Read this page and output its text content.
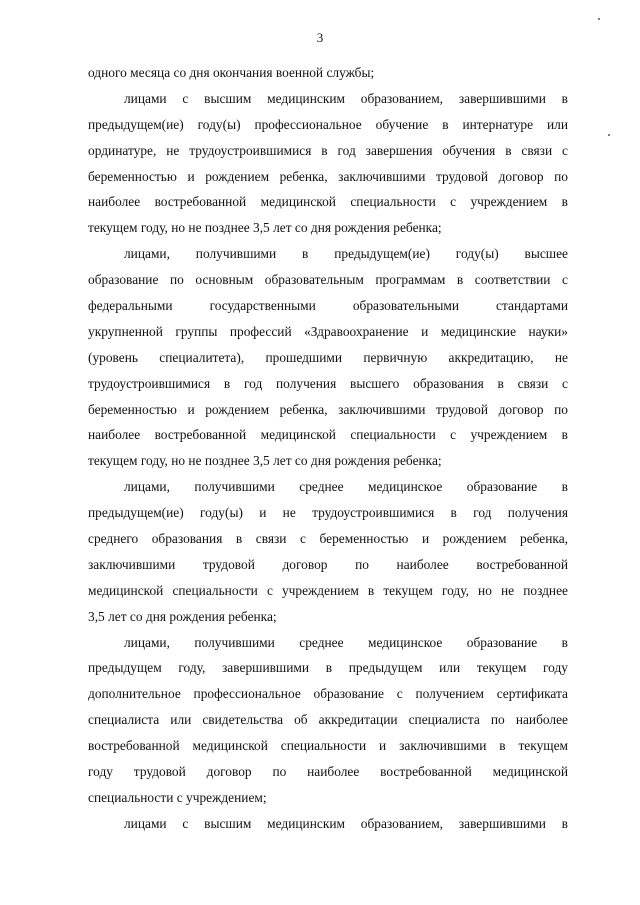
3
одного месяца со дня окончания военной службы;
лицами с высшим медицинским образованием, завершившими в
предыдущем(ие) году(ы) профессиональное обучение в интернатуре или
ординатуре, не трудоустроившимися в год завершения обучения в связи с
беременностью и рождением ребенка, заключившими трудовой договор по
наиболее востребованной медицинской специальности с учреждением в
текущем году, но не позднее 3,5 лет со дня рождения ребенка;
лицами, получившими в предыдущем(ие) году(ы) высшее
образование по основным образовательным программам в соответствии с
федеральными государственными образовательными стандартами
укрупненной группы профессий «Здравоохранение и медицинские науки»
(уровень специалитета), прошедшими первичную аккредитацию, не
трудоустроившимися в год получения высшего образования в связи с
беременностью и рождением ребенка, заключившими трудовой договор по
наиболее востребованной медицинской специальности с учреждением в
текущем году, но не позднее 3,5 лет со дня рождения ребенка;
лицами, получившими среднее медицинское образование в
предыдущем(ие) году(ы) и не трудоустроившимися в год получения
среднего образования в связи с беременностью и рождением ребенка,
заключившими трудовой договор по наиболее востребованной
медицинской специальности с учреждением в текущем году, но не позднее
3,5 лет со дня рождения ребенка;
лицами, получившими среднее медицинское образование в
предыдущем году, завершившими в предыдущем или текущем году
дополнительное профессиональное образование с получением сертификата
специалиста или свидетельства об аккредитации специалиста по наиболее
востребованной медицинской специальности и заключившими в текущем
году трудовой договор по наиболее востребованной медицинской
специальности с учреждением;
лицами с высшим медицинским образованием, завершившими в
